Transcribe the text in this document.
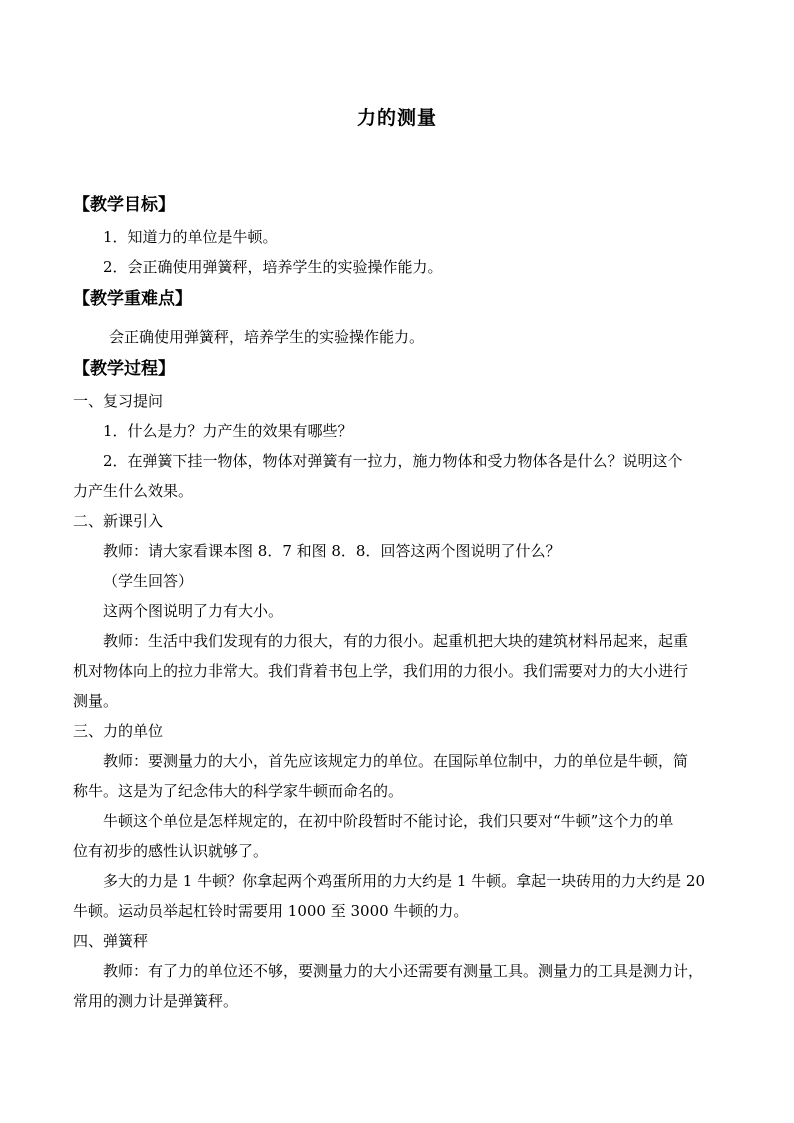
力的测量

【教学目标】

1．知道力的单位是牛顿。

2．会正确使用弹簧秤，培养学生的实验操作能力。

【教学重难点】

会正确使用弹簧秤，培养学生的实验操作能力。

【教学过程】

一、复习提问

1．什么是力？力产生的效果有哪些？

2．在弹簧下挂一物体，物体对弹簧有一拉力，施力物体和受力物体各是什么？说明这个

力产生什么效果。

二、新课引入

教师：请大家看课本图 8．7 和图 8．8．回答这两个图说明了什么？

（学生回答）

这两个图说明了力有大小。

教师：生活中我们发现有的力很大，有的力很小。起重机把大块的建筑材料吊起来，起重

机对物体向上的拉力非常大。我们背着书包上学，我们用的力很小。我们需要对力的大小进行

测量。

三、力的单位

教师：要测量力的大小，首先应该规定力的单位。在国际单位制中，力的单位是牛顿，简

称牛。这是为了纪念伟大的科学家牛顿而命名的。

牛顿这个单位是怎样规定的，在初中阶段暂时不能讨论，我们只要对“牛顿”这个力的单

位有初步的感性认识就够了。

多大的力是 1 牛顿？你拿起两个鸡蛋所用的力大约是 1 牛顿。拿起一块砖用的力大约是 20

牛顿。运动员举起杠铃时需要用 1000 至 3000 牛顿的力。

四、弹簧秤

教师：有了力的单位还不够，要测量力的大小还需要有测量工具。测量力的工具是测力计，

常用的测力计是弹簧秤。
